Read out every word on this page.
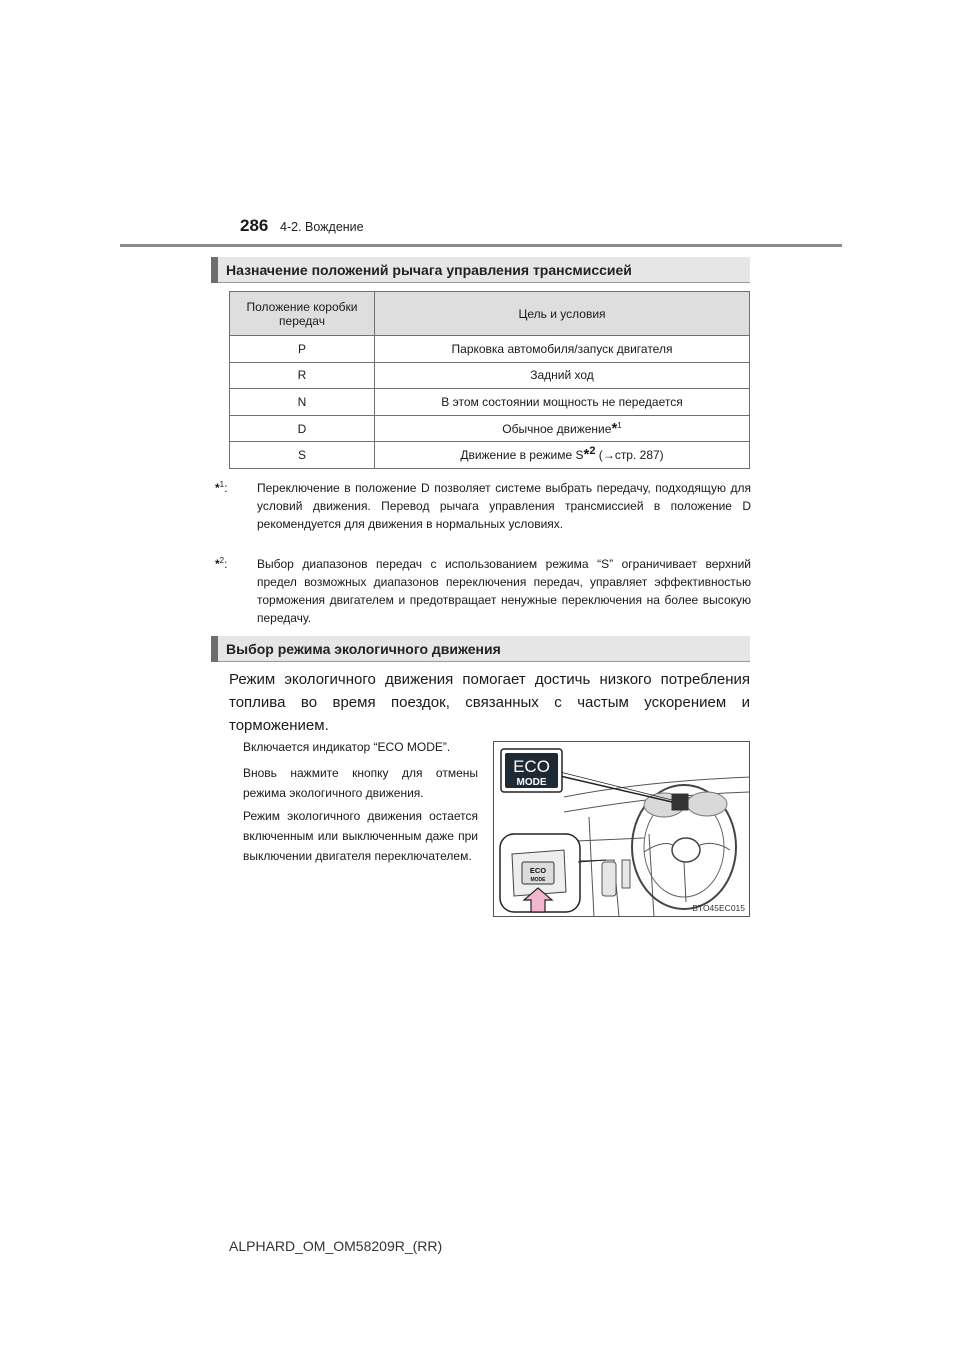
286 4-2. Вождение
Назначение положений рычага управления трансмиссией
Положение коробки передач	Цель и условия
P	Парковка автомобиля/запуск двигателя
R	Задний ход
N	В этом состоянии мощность не передается
D	Обычное движение*$^1$
S	Движение в режиме S*$^2$ (→стр. 287)
*$^1$: Переключение в положение D позволяет системе выбрать передачу, подходящую для условий движения. Перевод рычага управления трансмиссией в положение D рекомендуется для движения в нормальных условиях.
*$^2$: Выбор диапазонов передач с использованием режима “S” ограничивает верхний предел возможных диапазонов переключения передач, управляет эффективностью торможения двигателем и предотвращает ненужные переключения на более высокую передачу.
Выбор режима экологичного движения
Режим экологичного движения помогает достичь низкого потребления топлива во время поездок, связанных с частым ускорением и торможением.
Включается индикатор “ECO MODE”.
Вновь нажмите кнопку для отмены режима экологичного движения.
Режим экологичного движения остается включенным или выключенным даже при выключении двигателя переключателем.
ECO
MODE
ECO
MODE
BTO45EC015
ALPHARD_OM_OM58209R_(RR)
